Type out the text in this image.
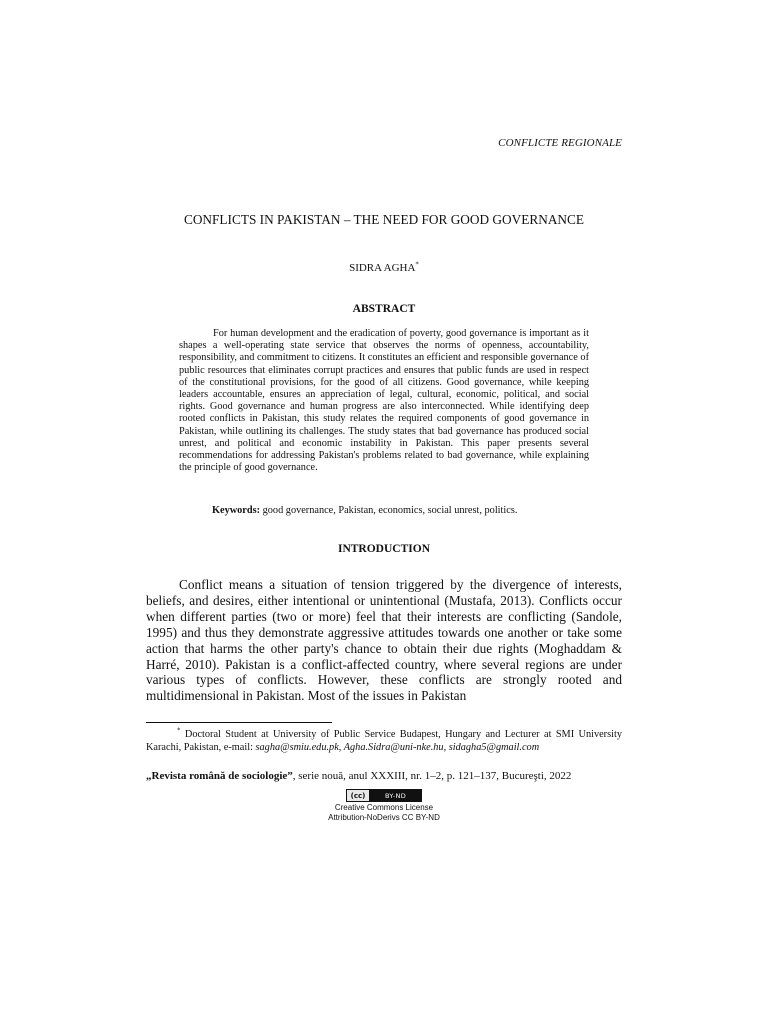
CONFLICTE REGIONALE
CONFLICTS IN PAKISTAN – THE NEED FOR GOOD GOVERNANCE
SIDRA AGHA*
ABSTRACT

For human development and the eradication of poverty, good governance is important as it shapes a well-operating state service that observes the norms of openness, accountability, responsibility, and commitment to citizens. It constitutes an efficient and responsible governance of public resources that eliminates corrupt practices and ensures that public funds are used in respect of the constitutional provisions, for the good of all citizens. Good governance, while keeping leaders accountable, ensures an appreciation of legal, cultural, economic, political, and social rights. Good governance and human progress are also interconnected. While identifying deep rooted conflicts in Pakistan, this study relates the required components of good governance in Pakistan, while outlining its challenges. The study states that bad governance has produced social unrest, and political and economic instability in Pakistan. This paper presents several recommendations for addressing Pakistan's problems related to bad governance, while explaining the principle of good governance.

Keywords: good governance, Pakistan, economics, social unrest, politics.
INTRODUCTION

Conflict means a situation of tension triggered by the divergence of interests, beliefs, and desires, either intentional or unintentional (Mustafa, 2013). Conflicts occur when different parties (two or more) feel that their interests are conflicting (Sandole, 1995) and thus they demonstrate aggressive attitudes towards one another or take some action that harms the other party's chance to obtain their due rights (Moghaddam & Harré, 2010). Pakistan is a conflict-affected country, where several regions are under various types of conflicts. However, these conflicts are strongly rooted and multidimensional in Pakistan. Most of the issues in Pakistan

* Doctoral Student at University of Public Service Budapest, Hungary and Lecturer at SMI University Karachi, Pakistan, e-mail: sagha@smiu.edu.pk, Agha.Sidra@uni-nke.hu, sidagha5@gmail.com

„Revista română de sociologie”, serie nouă, anul XXXIII, nr. 1–2, p. 121–137, Bucureşti, 2022
(cc)	BY-ND
Creative Commons License
Attribution-NoDerivs CC BY-ND
